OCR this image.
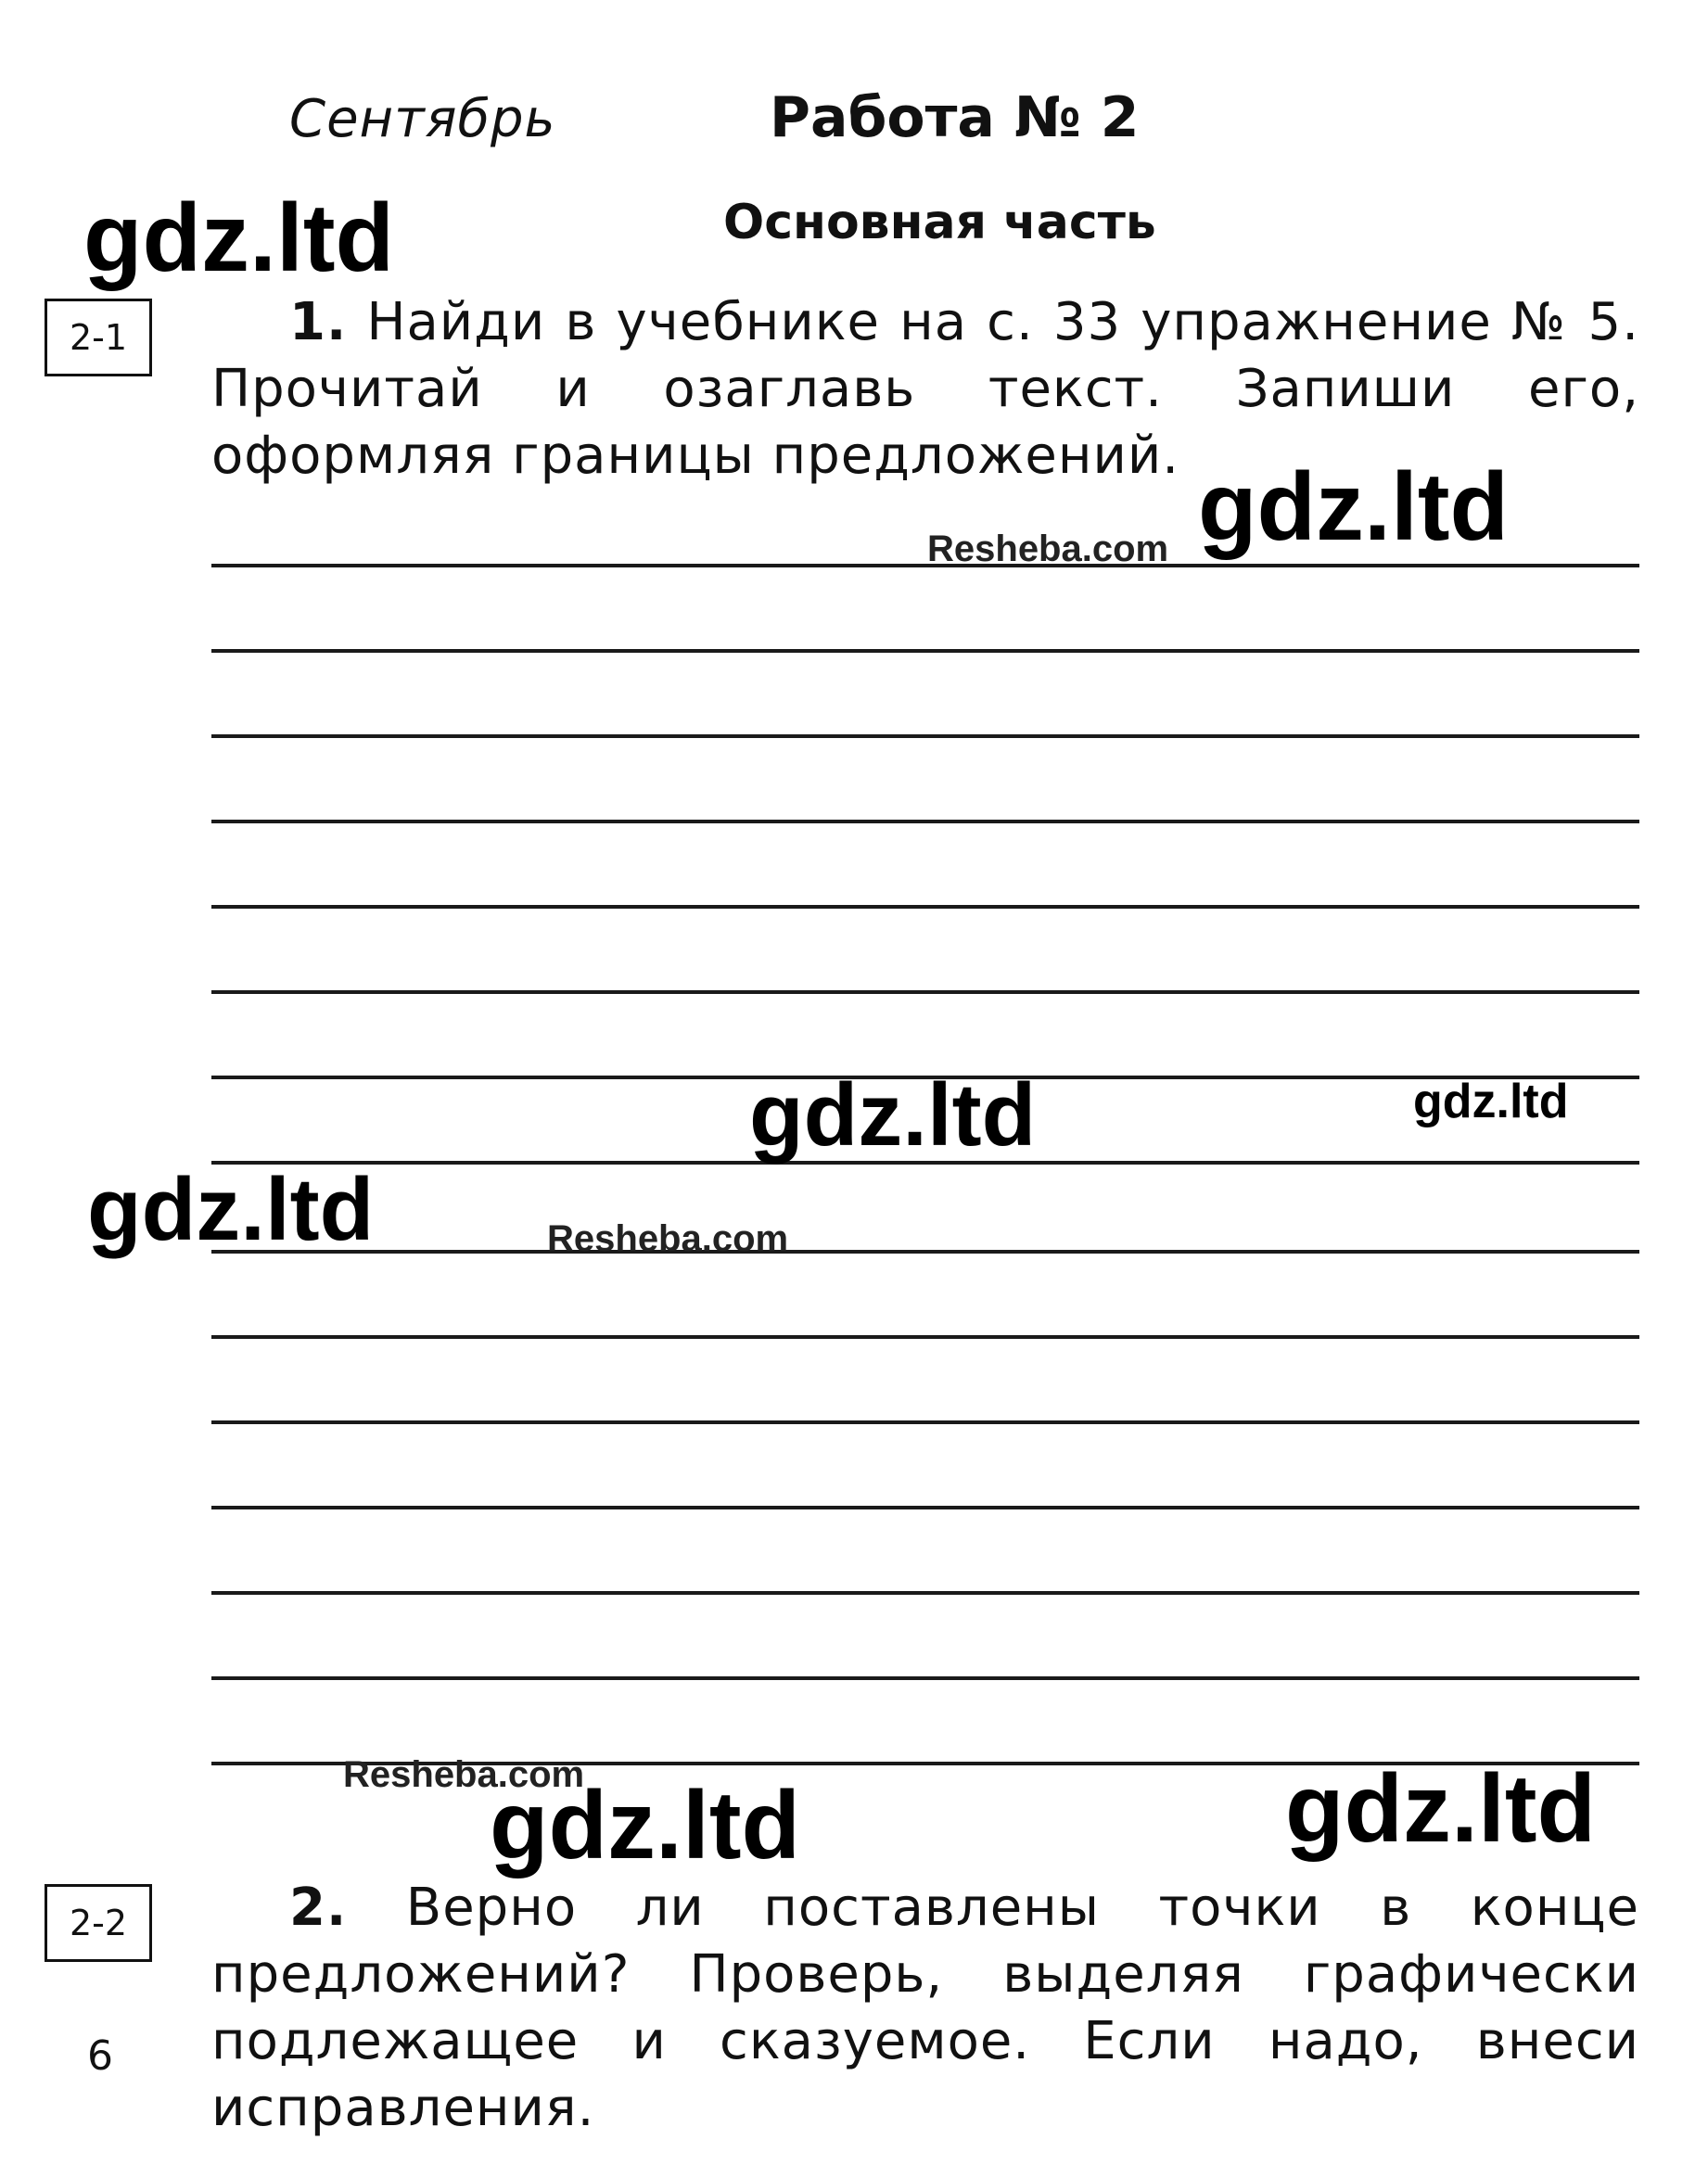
Сентябрь	Работа № 2
Основная часть
2-1	1. Найди в учебнике на с. 33 упражнение № 5. Прочитай и озаглавь текст. Запиши его, оформляя границы предложений.
2-2	2. Верно ли поставлены точки в конце предложений? Проверь, выделяя графически подлежащее и сказуемое. Если надо, внеси исправления.
6
gdz.ltd
gdz.ltd
Resheba.com
gdz.ltd	gdz.ltd
gdz.ltd	Resheba.com
Resheba.com
gdz.ltd	gdz.ltd
